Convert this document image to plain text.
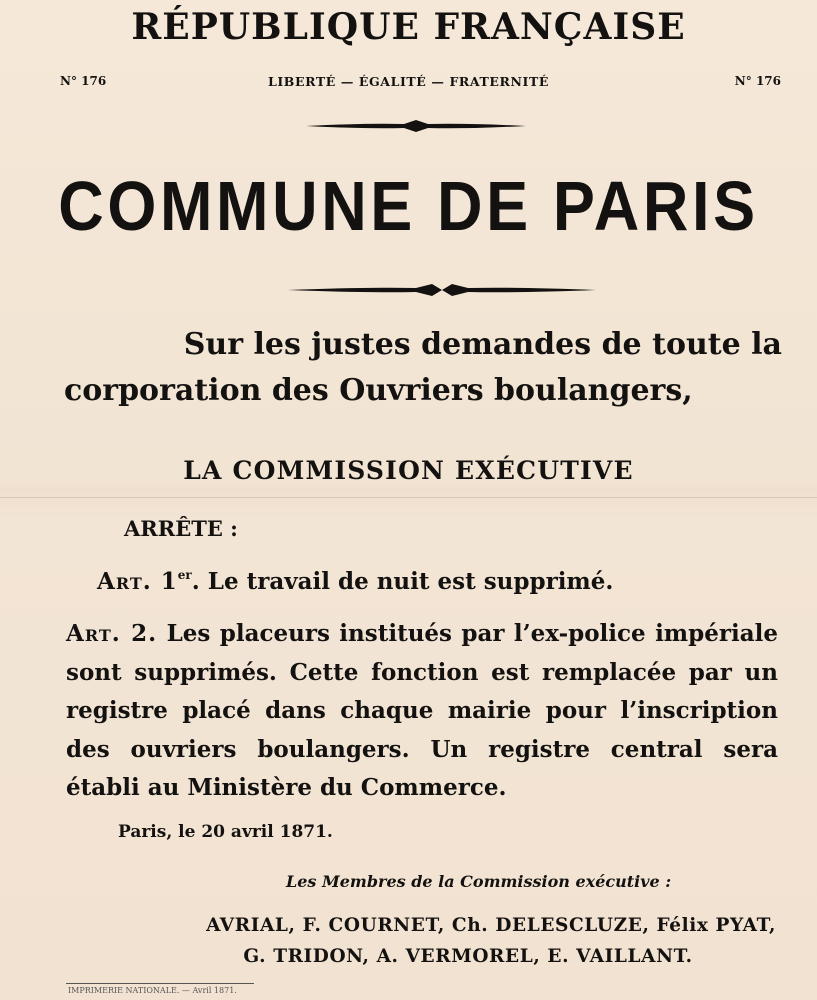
RÉPUBLIQUE FRANÇAISE
N° 176	LIBERTÉ — ÉGALITÉ — FRATERNITÉ	N° 176
COMMUNE DE PARIS
Sur les justes demandes de toute la
corporation des Ouvriers boulangers,
LA COMMISSION EXÉCUTIVE
ARRÊTE :
Art. 1er. Le travail de nuit est supprimé.
Art. 2. Les placeurs institués par l’ex-police impériale sont supprimés. Cette fonction est remplacée par un registre placé dans chaque mairie pour l’inscription des ouvriers boulangers. Un registre central sera établi au Ministère du Commerce.
Paris, le 20 avril 1871.
Les Membres de la Commission exécutive :
AVRIAL, F. COURNET, Ch. DELESCLUZE, Félix PYAT,
G. TRIDON, A. VERMOREL, E. VAILLANT.
IMPRIMERIE NATIONALE. — Avril 1871.
